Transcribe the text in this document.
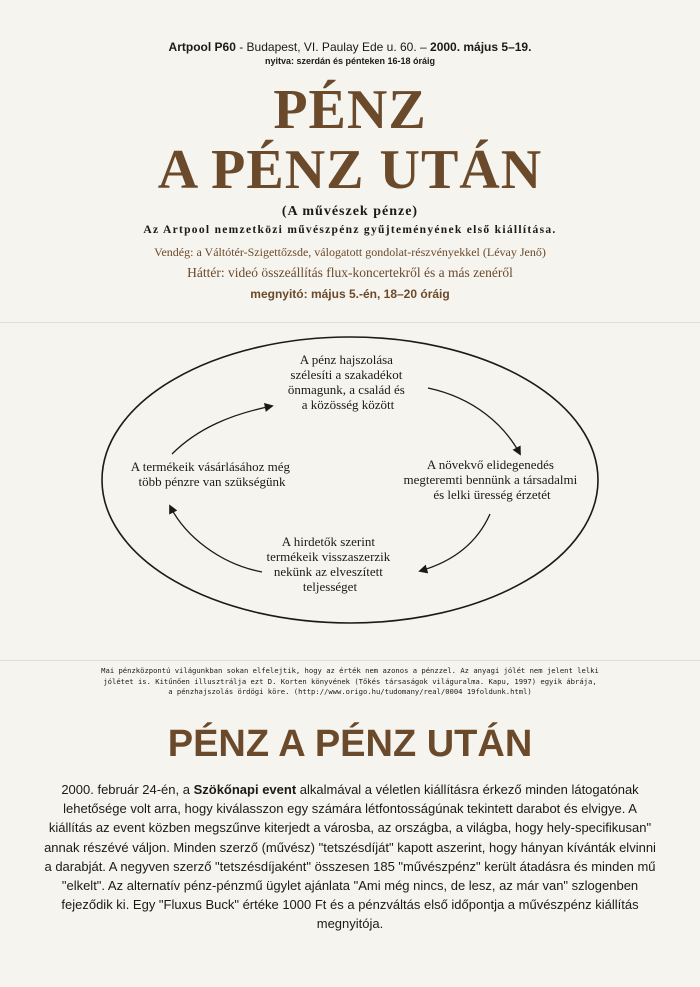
Artpool P60 - Budapest, VI. Paulay Ede u. 60. – 2000. május 5–19.
nyitva: szerdán és pénteken 16-18 óráig
PÉNZ
A PÉNZ UTÁN
(A művészek pénze)
Az Artpool nemzetközi művészpénz gyűjteményének első kiállítása.
Vendég: a Váltótér-Szigettőzsde, válogatott gondolat-részvényekkel (Lévay Jenő)
Háttér: videó összeállítás flux-koncertekről és a más zenéről
megnyitó: május 5.-én, 18–20 óráig
A pénz hajszolása szélesíti a szakadékot önmagunk, a család és a közösség között
A növekvő elidegenedés megteremti bennünk a társadalmi és lelki üresség érzetét
A hirdetők szerint termékeik visszaszerzik nekünk az elveszített teljességet
A termékeik vásárlásához még több pénzre van szükségünk
Mai pénzközpontú világunkban sokan elfelejtik, hogy az érték nem azonos a pénzzel. Az anyagi jólét nem jelent lelki
jólétet is. Kitűnően illusztrálja ezt D. Korten könyvének (Tőkés társaságok világuralma. Kapu, 1997) egyik ábrája,
a pénzhajszolás ördögi köre. (http://www.origo.hu/tudomany/real/0004 19foldunk.html)
PÉNZ A PÉNZ UTÁN
2000. február 24-én, a Szökőnapi event alkalmával a véletlen kiállításra érkező minden látogatónak lehetősége volt arra, hogy kiválasszon egy számára létfontosságúnak tekintett darabot és elvigye. A kiállítás az event közben megszűnve kiterjedt a városba, az országba, a világba, hogy hely-specifikusan" annak részévé váljon. Minden szerző (művész) "tetszésdíját" kapott aszerint, hogy hányan kívánták elvinni a darabját. A negyven szerző "tetszésdíjaként" összesen 185 "művészpénz" került átadásra és minden mű "elkelt". Az alternatív pénz-pénzmű ügylet ajánlata "Ami még nincs, de lesz, az már van" szlogenben fejeződik ki. Egy "Fluxus Buck" értéke 1000 Ft és a pénzváltás első időpontja a művészpénz kiállítás megnyitója.
